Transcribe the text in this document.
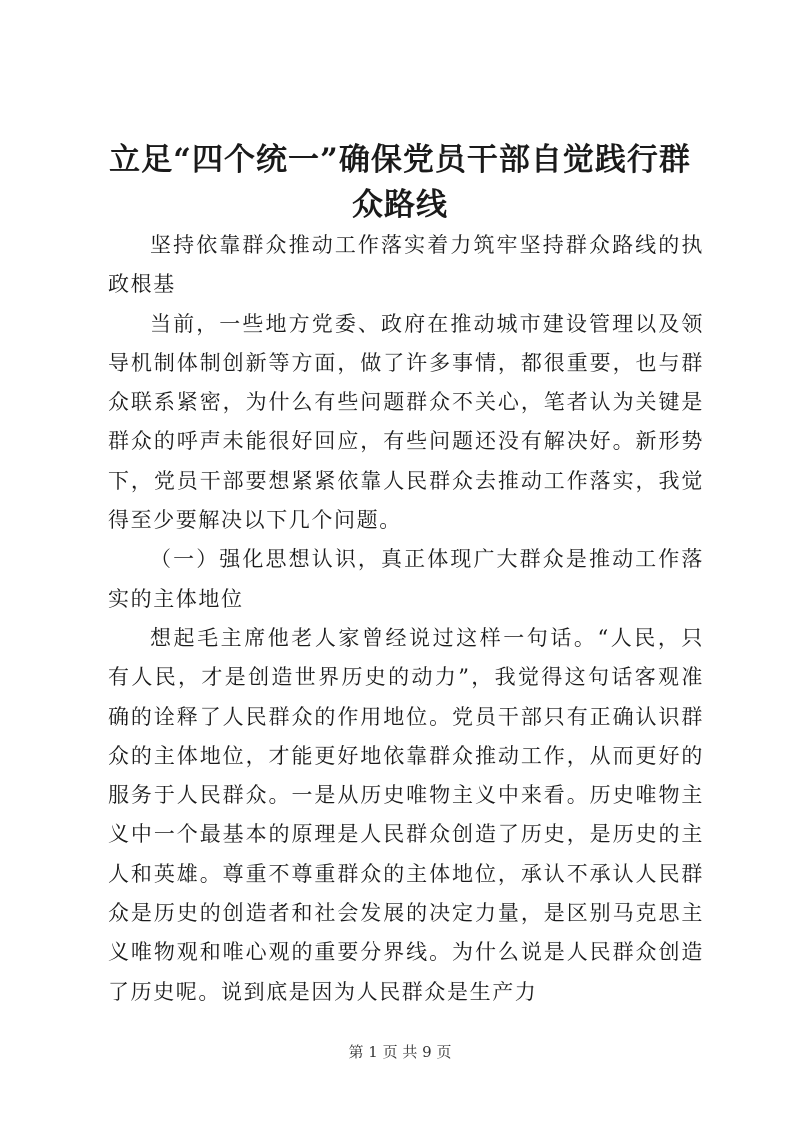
立足“四个统一”确保党员干部自觉践行群众路线

坚持依靠群众推动工作落实着力筑牢坚持群众路线的执政根基

当前，一些地方党委、政府在推动城市建设管理以及领导机制体制创新等方面，做了许多事情，都很重要，也与群众联系紧密，为什么有些问题群众不关心，笔者认为关键是群众的呼声未能很好回应，有些问题还没有解决好。新形势下，党员干部要想紧紧依靠人民群众去推动工作落实，我觉得至少要解决以下几个问题。

（一）强化思想认识，真正体现广大群众是推动工作落实的主体地位

想起毛主席他老人家曾经说过这样一句话。“人民，只有人民，才是创造世界历史的动力”，我觉得这句话客观准确的诠释了人民群众的作用地位。党员干部只有正确认识群众的主体地位，才能更好地依靠群众推动工作，从而更好的服务于人民群众。一是从历史唯物主义中来看。历史唯物主义中一个最基本的原理是人民群众创造了历史，是历史的主人和英雄。尊重不尊重群众的主体地位，承认不承认人民群众是历史的创造者和社会发展的决定力量，是区别马克思主义唯物观和唯心观的重要分界线。为什么说是人民群众创造了历史呢。说到底是因为人民群众是生产力

第 1 页 共 9 页
